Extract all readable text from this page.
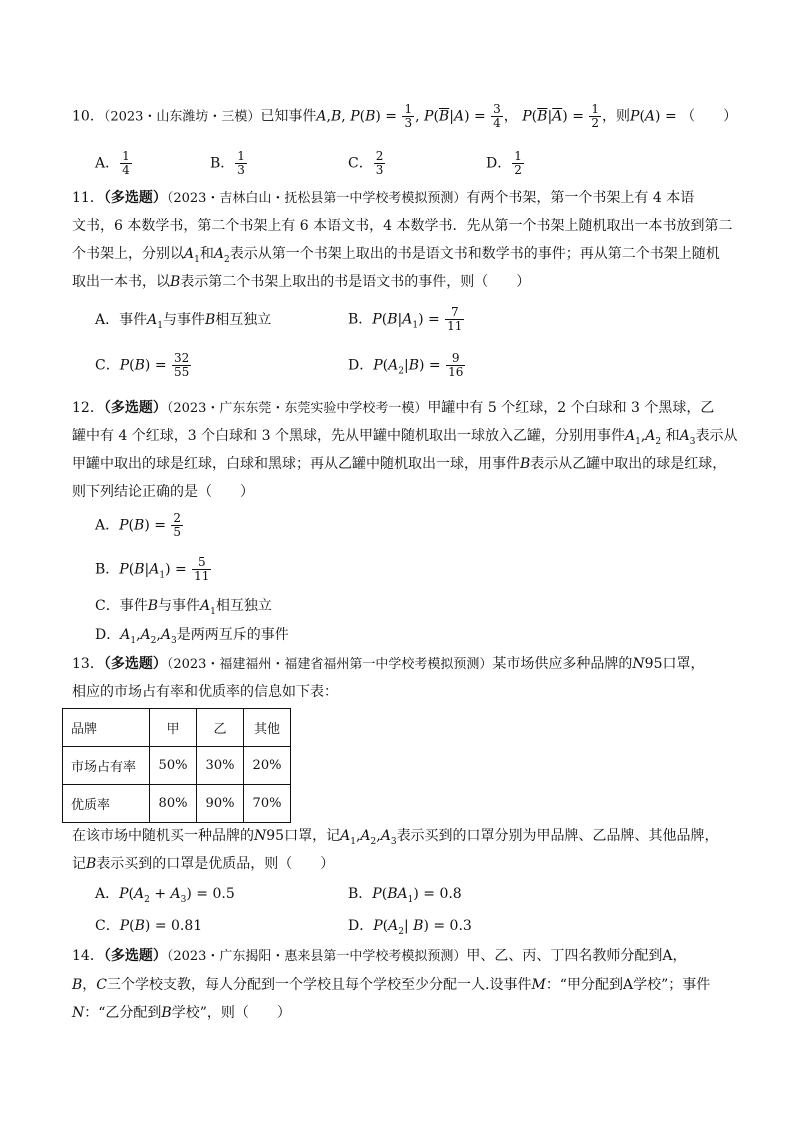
10．（2023・山东潍坊・三模）已知事件A,B, $P(B) = \frac{1}{3}$ , $P(\overline{B}|A) = \frac{3}{4}$ ， $P(\overline{B}|\overline{A}) = \frac{1}{2}$ ，则P(A) = （　　）
A． $\frac{1}{4}$	B． $\frac{1}{3}$	C． $\frac{2}{3}$	D． $\frac{1}{2}$
11．（多选题）（2023・吉林白山・抚松县第一中学校考模拟预测）有两个书架，第一个书架上有 4 本语
文书，6 本数学书，第二个书架上有 6 本语文书，4 本数学书．先从第一个书架上随机取出一本书放到第二
个书架上，分别以$A_1$和$A_2$表示从第一个书架上取出的书是语文书和数学书的事件；再从第二个书架上随机
取出一本书，以B表示第二个书架上取出的书是语文书的事件，则（　　）
A．事件$A_1$与事件B相互独立	B．$P(B|A_1) = \frac{7}{11}$
C．$P(B) = \frac{32}{55}$	D．$P(A_2|B) = \frac{9}{16}$
12．（多选题）（2023・广东东莞・东莞实验中学校考一模）甲罐中有 5 个红球，2 个白球和 3 个黑球，乙
罐中有 4 个红球，3 个白球和 3 个黑球，先从甲罐中随机取出一球放入乙罐，分别用事件$A_1,A_2$ 和$A_3$表示从
甲罐中取出的球是红球，白球和黑球；再从乙罐中随机取出一球，用事件B表示从乙罐中取出的球是红球，
则下列结论正确的是（　　）
A．$P(B) = \frac{2}{5}$
B．$P(B|A_1) = \frac{5}{11}$
C．事件B与事件$A_1$相互独立
D．$A_1,A_2,A_3$是两两互斥的事件
13．（多选题）（2023・福建福州・福建省福州第一中学校考模拟预测）某市场供应多种品牌的N95口罩，
相应的市场占有率和优质率的信息如下表：
品牌	甲	乙	其他
市场占有率	50%	30%	20%
优质率	80%	90%	70%
在该市场中随机买一种品牌的N95口罩，记$A_1,A_2,A_3$表示买到的口罩分别为甲品牌、乙品牌、其他品牌，
记B表示买到的口罩是优质品，则（　　）
A．$P(A_2 + A_3) = 0.5$	B．$P(BA_1) = 0.8$
C．P(B) = 0.81	D．$P(A_2|$ B) = 0.3
14．（多选题）（2023・广东揭阳・惠来县第一中学校考模拟预测）甲、乙、丙、丁四名教师分配到A，
B，C三个学校支教，每人分配到一个学校且每个学校至少分配一人.设事件M：“甲分配到A学校”；事件
N：“乙分配到B学校”，则（　　）
